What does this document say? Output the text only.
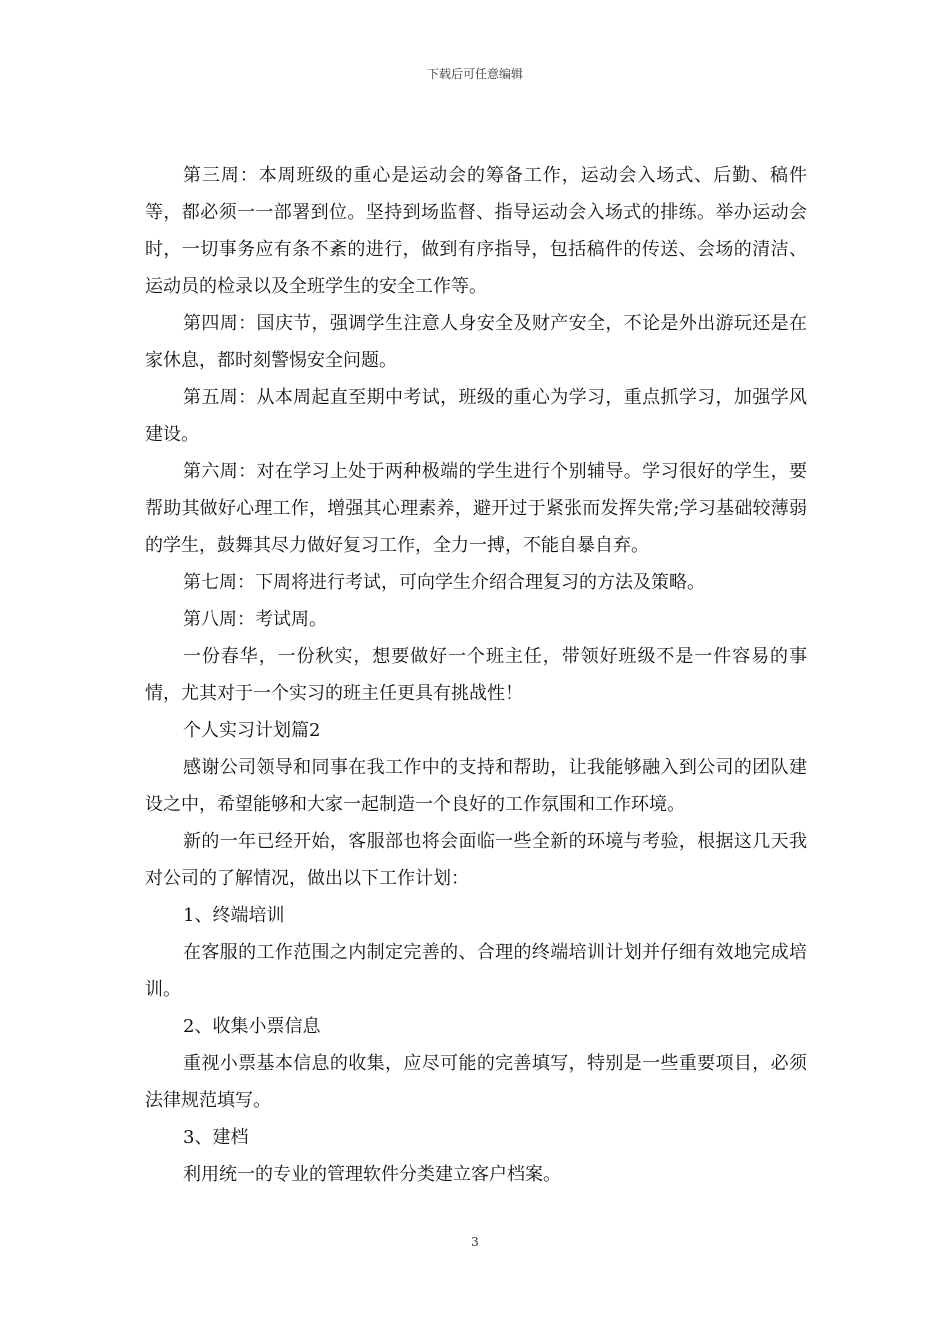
下载后可任意编辑

第三周：本周班级的重心是运动会的筹备工作，运动会入场式、后勤、稿件等，都必须一一部署到位。坚持到场监督、指导运动会入场式的排练。举办运动会时，一切事务应有条不紊的进行，做到有序指导，包括稿件的传送、会场的清洁、运动员的检录以及全班学生的安全工作等。

第四周：国庆节，强调学生注意人身安全及财产安全，不论是外出游玩还是在家休息，都时刻警惕安全问题。

第五周：从本周起直至期中考试，班级的重心为学习，重点抓学习，加强学风建设。

第六周：对在学习上处于两种极端的学生进行个别辅导。学习很好的学生，要帮助其做好心理工作，增强其心理素养，避开过于紧张而发挥失常;学习基础较薄弱的学生，鼓舞其尽力做好复习工作，全力一搏，不能自暴自弃。

第七周：下周将进行考试，可向学生介绍合理复习的方法及策略。

第八周：考试周。

一份春华，一份秋实，想要做好一个班主任，带领好班级不是一件容易的事情，尤其对于一个实习的班主任更具有挑战性！

个人实习计划篇2

感谢公司领导和同事在我工作中的支持和帮助，让我能够融入到公司的团队建设之中，希望能够和大家一起制造一个良好的工作氛围和工作环境。

新的一年已经开始，客服部也将会面临一些全新的环境与考验，根据这几天我对公司的了解情况，做出以下工作计划：

1、终端培训

在客服的工作范围之内制定完善的、合理的终端培训计划并仔细有效地完成培训。

2、收集小票信息

重视小票基本信息的收集，应尽可能的完善填写，特别是一些重要项目，必须法律规范填写。

3、建档

利用统一的专业的管理软件分类建立客户档案。

3
